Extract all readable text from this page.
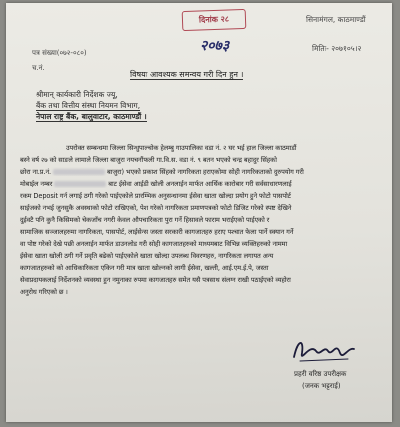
पत्र संख्या(०७२-०८०)
च.नं.
सिनामंगल, काठमाण्डौं
मितिः- २०७१०५।२
दिनांक २८
२०७३
विषयः आवश्यक समन्वय गरी दिन हुन ।
श्रीमान् कार्यकारी निर्देशक ज्यू,
बैंक तथा वित्तीय संस्था नियमन विभाग,
नेपाल राष्ट्र बैंक, बालुवाटार, काठमाण्डौं ।
उपरोक्त सम्बन्धमा जिल्ला सिन्धुपाल्चोक हेलम्बु गाउपालिका वडा नं. २ घर भई हाल जिल्ला काठमाडौं
बस्ने वर्ष २७ को साङले लामाले जिल्ला बाजुरा नयचनौंफली गा.वि.स. वडा नं. ९ बतन भएको चन्द्र बहादुर सिंहको
छोरा ना.प्र.नं.	बाजुरा) भएको प्रकाश सिंहको नागरिकता हराएकोमा सोही नागरिकताको दुरुपयोग गरी
मोबाईल नम्बर	बाट ईसेवा आईडी खोली अनलाईन मार्फत आर्थिक कारोबार गरी सर्वसाधारणलाई
रकम Deposit गर्न लगाई ठगी गरेको पाईएकोले प्रारम्भिक अनुसन्धानमा ईसेवा खाता खोल्दा प्रयोग हुने फोटो पासपोर्ट
साईजको नभई जुनसुकै अवस्थाको फोटो राखिएको, पेश गरेको नागरिकता प्रमाणपत्रको फोटो डिजिट गरेको स्पष्ट देखिने
दुईवटै पनि कुनै किसिमको चेकजाँच नगरी केवल औपचारिकता पुरा गर्ने हिसावले फाराम भराईएको पाईएको र
सामाजिक सञ्जालहरुमा नागरिकता, पासपोर्ट, लाईसेन्स जस्ता सरकारी कागजातहरु हराए पश्चात फेला पार्ने स्क्यान गर्ने
वा पोष्ट गरेको देखे पछी अनलाईन मार्फत डाउनलोड गरी सोही कागजातहरुको माध्यमबाट विभिन्न व्यक्तिहरुको नाममा
ईसेवा खाता खोली ठगी गर्ने प्रवृति बढेको पाईएकोले खाता खोल्दा उपलब्ध विवरणहरु, नागरिकता लगायत अन्य
कागजातहरुको को आधिकारिकता एकिन गरी मात्र खाता खोल्नको लागी ईसेवा, खल्ती, आई.एम.ई.पे, जस्ता
सेवाप्रदायकलाई निर्देशनको व्यवस्था हुन नमुनाका रुपमा कागजातहरु समेत यसै पत्रसाथ संलग्न राखी पठाईएको व्यहोरा
अनुरोध गरिएको छ ।
प्रहरी वरिष्ठ उपरीक्षक
(जनक भट्टराई)
